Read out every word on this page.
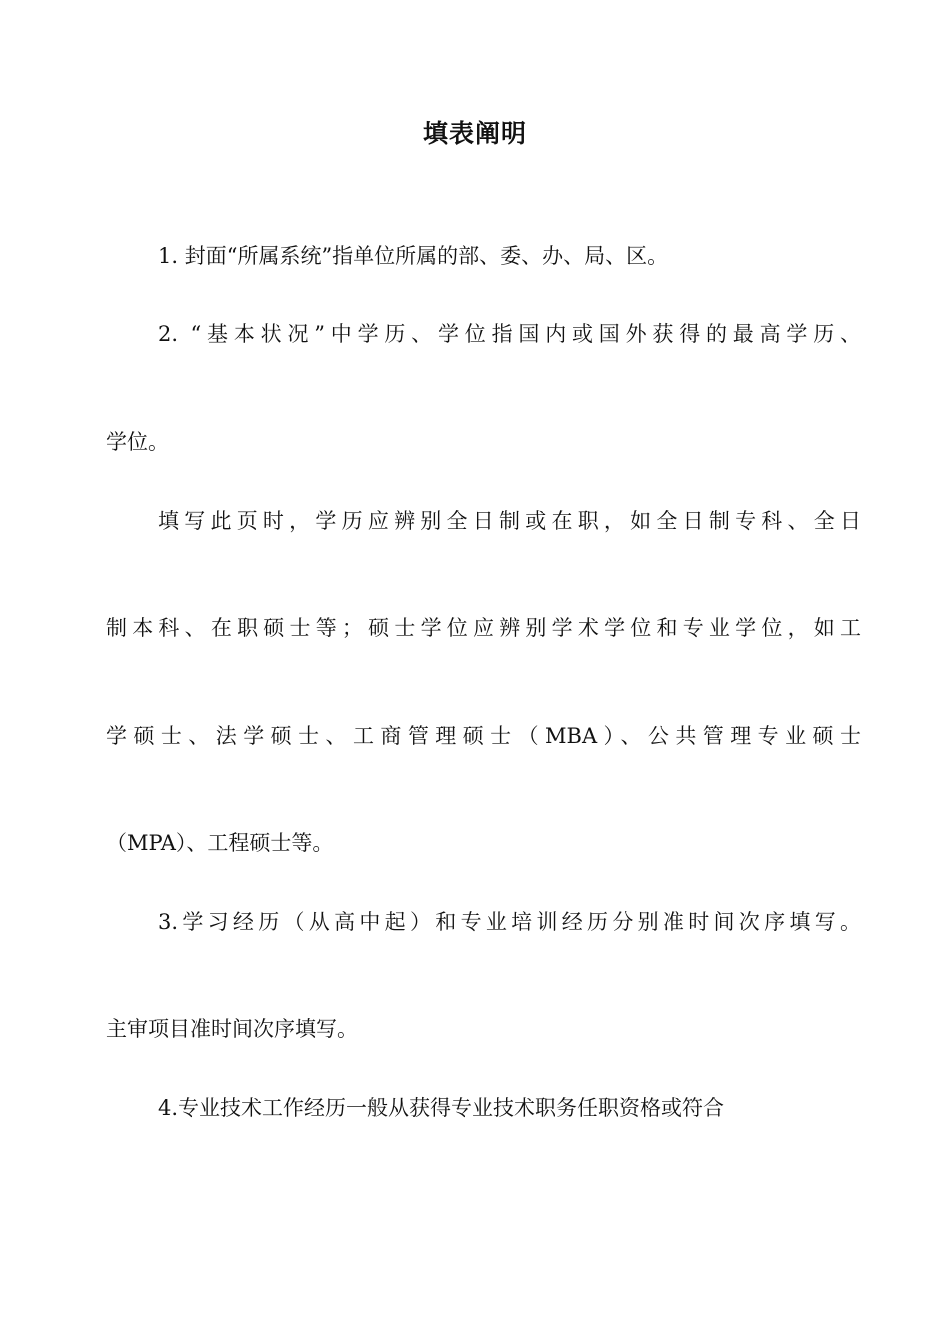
填表阐明

1. 封面“所属系统”指单位所属的部、委、办、局、区。

2. “基本状况”中学历、学位指国内或国外获得的最高学历、

学位。

填写此页时，学历应辨别全日制或在职，如全日制专科、全日

制本科、在职硕士等；硕士学位应辨别学术学位和专业学位，如工

学硕士、法学硕士、工商管理硕士（MBA）、公共管理专业硕士

（MPA）、工程硕士等。

3.学习经历（从高中起）和专业培训经历分别准时间次序填写。

主审项目准时间次序填写。

4.专业技术工作经历一般从获得专业技术职务任职资格或符合
